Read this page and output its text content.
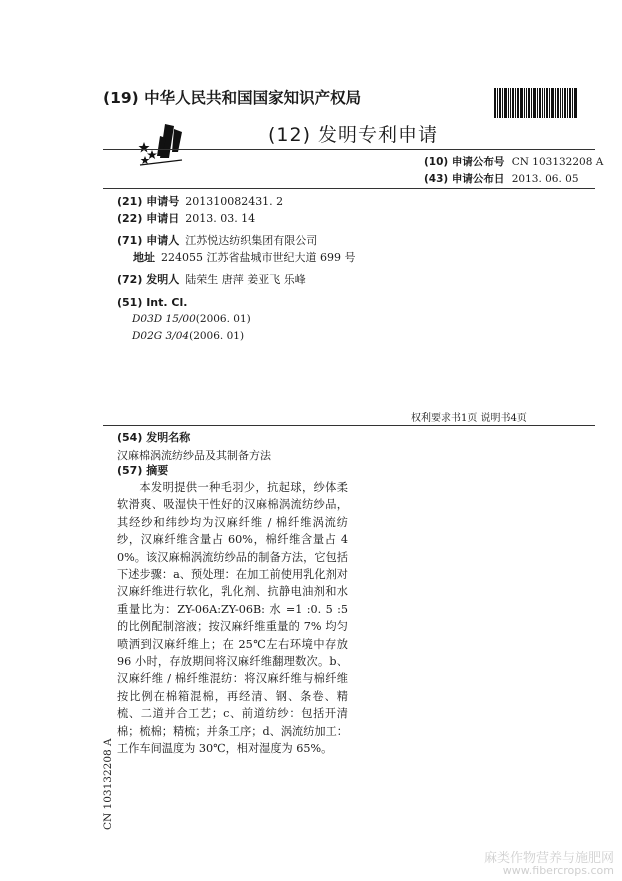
(19) 中华人民共和国国家知识产权局
(12) 发明专利申请
(10) 申请公布号 CN 103132208 A
(43) 申请公布日 2013. 06. 05
(21) 申请号 201310082431. 2
(22) 申请日 2013. 03. 14
(71) 申请人 江苏悦达纺织集团有限公司
地址 224055 江苏省盐城市世纪大道 699 号
(72) 发明人 陆荣生 唐萍 姜亚飞 乐峰
(51) Int. Cl.
D03D 15/00(2006. 01)
D02G 3/04(2006. 01)
权利要求书1页 说明书4页
(54) 发明名称
汉麻棉涡流纺纱品及其制备方法
(57) 摘要
本发明提供一种毛羽少，抗起球，纱体柔软滑爽、吸湿快干性好的汉麻棉涡流纺纱品，其经纱和纬纱均为汉麻纤维 / 棉纤维涡流纺纱，汉麻纤维含量占 60%，棉纤维含量占 40%。该汉麻棉涡流纺纱品的制备方法，它包括下述步骤：a、预处理：在加工前使用乳化剂对汉麻纤维进行软化，乳化剂、抗静电油剂和水重量比为：ZY-06A:ZY-06B: 水 =1 :0. 5 :5 的比例配制溶液；按汉麻纤维重量的 7% 均匀喷洒到汉麻纤维上；在 25℃左右环境中存放 96 小时，存放期间将汉麻纤维翻理数次。b、汉麻纤维 / 棉纤维混纺：将汉麻纤维与棉纤维按比例在棉箱混棉，再经清、钢、条卷、精梳、二道并合工艺；c、前道纺纱：包括开清棉；梳棉；精梳；并条工序；d、涡流纺加工：工作车间温度为 30℃，相对湿度为 65%。
CN 103132208 A
麻类作物营养与施肥网
www.fibercrops.com
